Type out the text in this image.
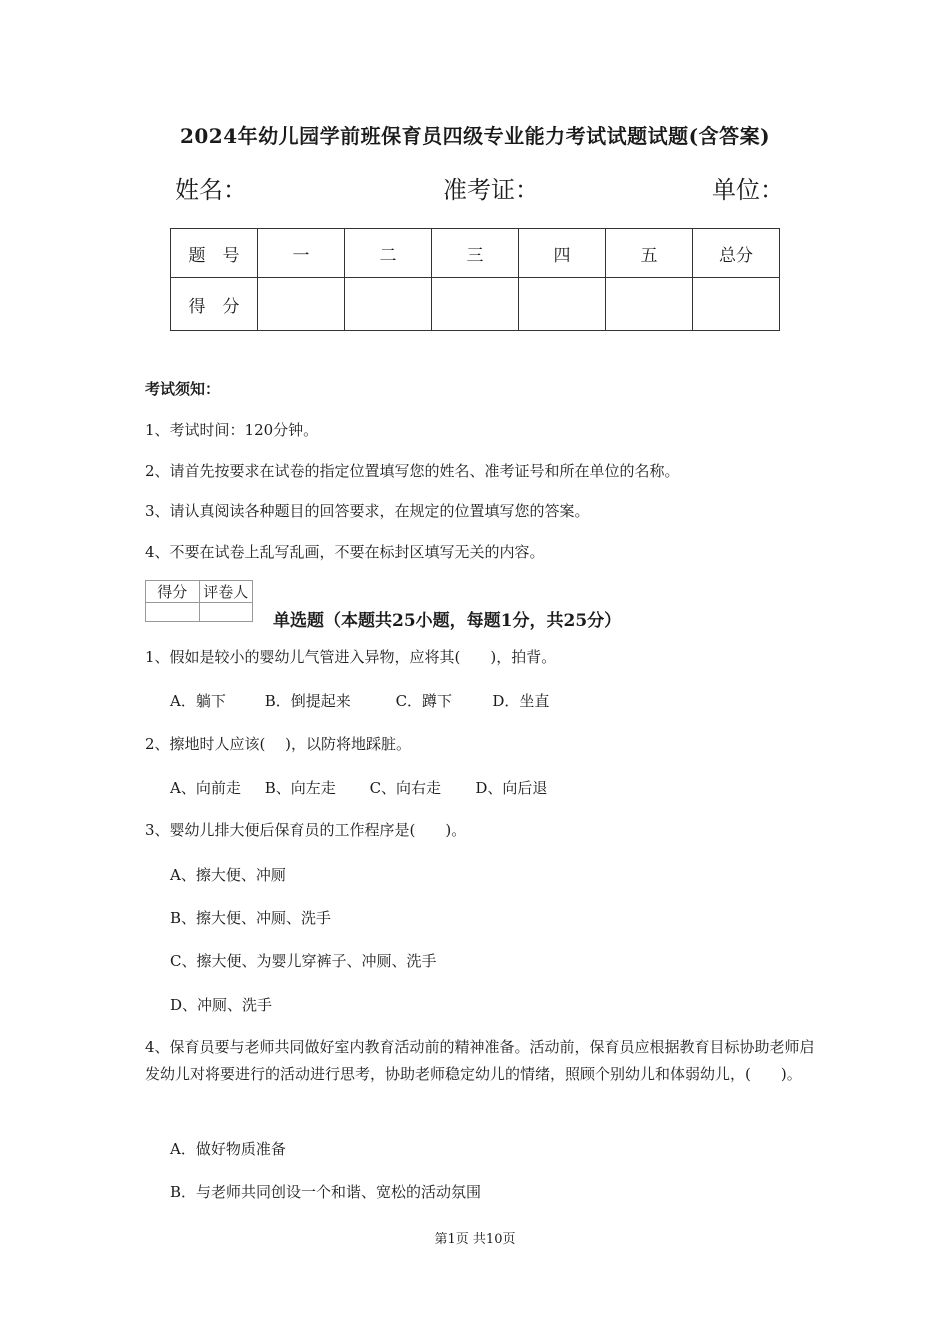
2024年幼儿园学前班保育员四级专业能力考试试题试题(含答案)
姓名：	准考证：	单位：
题　号	一	二	三	四	五	总分
得　分						
考试须知：
1、考试时间：120分钟。
2、请首先按要求在试卷的指定位置填写您的姓名、准考证号和所在单位的名称。
3、请认真阅读各种题目的回答要求，在规定的位置填写您的答案。
4、不要在试卷上乱写乱画，不要在标封区填写无关的内容。
得分	评卷人

单选题（本题共25小题，每题1分，共25分）
1、假如是较小的婴幼儿气管进入异物，应将其(　　)，拍背。
A．躺下	B．倒提起来	C．蹲下	D．坐直
2、擦地时人应该(　 )，以防将地踩脏。
A、向前走 B、向左走 C、向右走 D、向后退
3、婴幼儿排大便后保育员的工作程序是(　　)。
A、擦大便、冲厕
B、擦大便、冲厕、洗手
C、擦大便、为婴儿穿裤子、冲厕、洗手
D、冲厕、洗手
4、保育员要与老师共同做好室内教育活动前的精神准备。活动前，保育员应根据教育目标协助老师启发幼儿对将要进行的活动进行思考，协助老师稳定幼儿的情绪，照顾个别幼儿和体弱幼儿，(　　)。
A．做好物质准备
B．与老师共同创设一个和谐、宽松的活动氛围
第1页 共10页
